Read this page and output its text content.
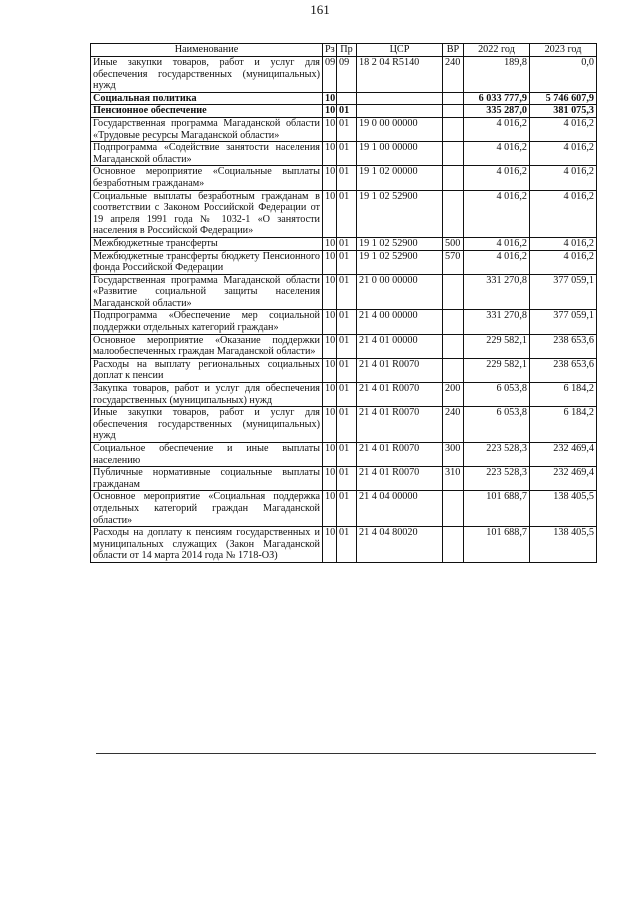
161
Наименование	Рз	Пр	ЦСР	ВР	2022 год	2023 год
Иные закупки товаров, работ и услуг для обеспечения государственных (муниципальных) нужд	09	09	18 2 04 R5140	240	189,8	0,0
Социальная политика	10				6 033 777,9	5 746 607,9
Пенсионное обеспечение	10	01			335 287,0	381 075,3
Государственная программа Магаданской области «Трудовые ресурсы Магаданской области»	10	01	19 0 00 00000		4 016,2	4 016,2
Подпрограмма «Содействие занятости населения Магаданской области»	10	01	19 1 00 00000		4 016,2	4 016,2
Основное мероприятие «Социальные выплаты безработным гражданам»	10	01	19 1 02 00000		4 016,2	4 016,2
Социальные выплаты безработным гражданам в соответствии с Законом Российской Федерации от 19 апреля 1991 года № 1032-1 «О занятости населения в Российской Федерации»	10	01	19 1 02 52900		4 016,2	4 016,2
Межбюджетные трансферты	10	01	19 1 02 52900	500	4 016,2	4 016,2
Межбюджетные трансферты бюджету Пенсионного фонда Российской Федерации	10	01	19 1 02 52900	570	4 016,2	4 016,2
Государственная программа Магаданской области «Развитие социальной защиты населения Магаданской области»	10	01	21 0 00 00000		331 270,8	377 059,1
Подпрограмма «Обеспечение мер социальной поддержки отдельных категорий граждан»	10	01	21 4 00 00000		331 270,8	377 059,1
Основное мероприятие «Оказание поддержки малообеспеченных граждан Магаданской области»	10	01	21 4 01 00000		229 582,1	238 653,6
Расходы на выплату региональных социальных доплат к пенсии	10	01	21 4 01 R0070		229 582,1	238 653,6
Закупка товаров, работ и услуг для обеспечения государственных (муниципальных) нужд	10	01	21 4 01 R0070	200	6 053,8	6 184,2
Иные закупки товаров, работ и услуг для обеспечения государственных (муниципальных) нужд	10	01	21 4 01 R0070	240	6 053,8	6 184,2
Социальное обеспечение и иные выплаты населению	10	01	21 4 01 R0070	300	223 528,3	232 469,4
Публичные нормативные социальные выплаты гражданам	10	01	21 4 01 R0070	310	223 528,3	232 469,4
Основное мероприятие «Социальная поддержка отдельных категорий граждан Магаданской области»	10	01	21 4 04 00000		101 688,7	138 405,5
Расходы на доплату к пенсиям государственных и муниципальных служащих (Закон Магаданской области от 14 марта 2014 года № 1718-ОЗ)	10	01	21 4 04 80020		101 688,7	138 405,5
